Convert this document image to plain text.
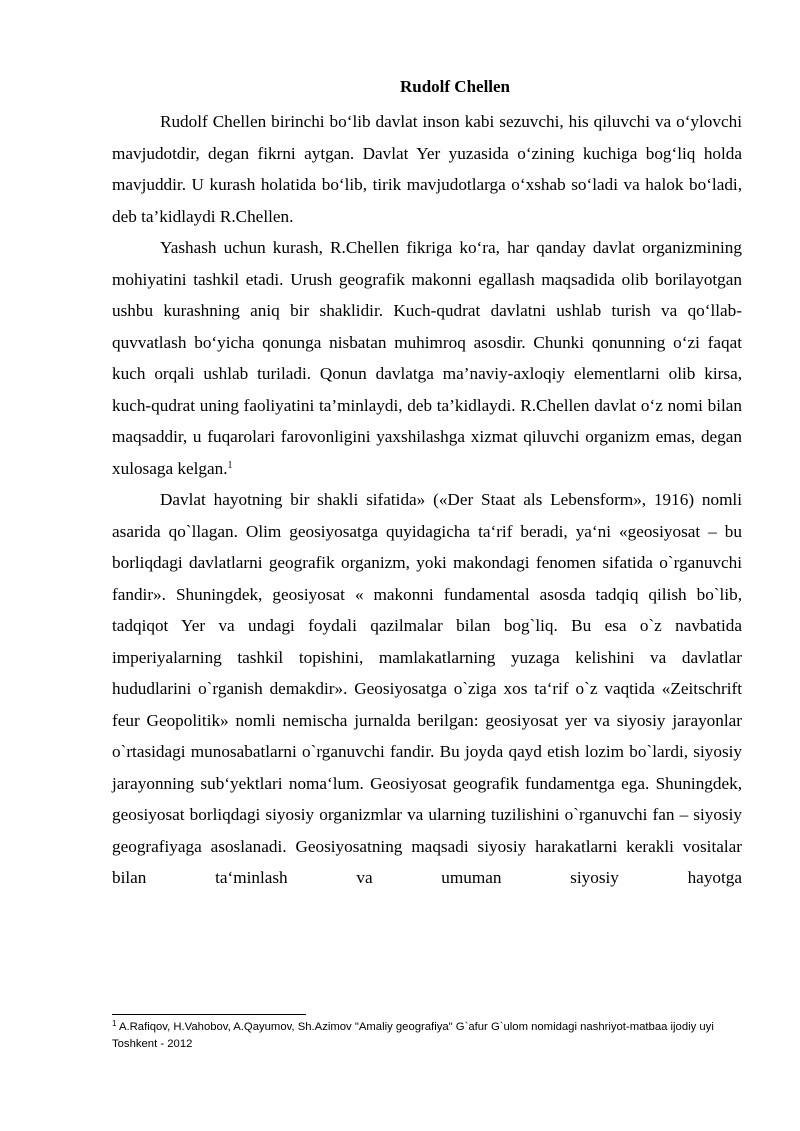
Rudolf Chellen

Rudolf Chellen birinchi bo‘lib davlat inson kabi sezuvchi, his qiluvchi va o‘ylovchi mavjudotdir, degan fikrni aytgan. Davlat Yer yuzasida o‘zining kuchiga bog‘liq holda mavjuddir. U kurash holatida bo‘lib, tirik mavjudotlarga o‘xshab so‘ladi va halok bo‘ladi, deb ta’kidlaydi R.Chellen.

Yashash uchun kurash, R.Chellen fikriga ko‘ra, har qanday davlat organizmining mohiyatini tashkil etadi. Urush geografik makonni egallash maqsadida olib borilayotgan ushbu kurashning aniq bir shaklidir. Kuch-qudrat davlatni ushlab turish va qo‘llab-quvvatlash bo‘yicha qonunga nisbatan muhimroq asosdir. Chunki qonunning o‘zi faqat kuch orqali ushlab turiladi. Qonun davlatga ma’naviy-axloqiy elementlarni olib kirsa, kuch-qudrat uning faoliyatini ta’minlaydi, deb ta’kidlaydi. R.Chellen davlat o‘z nomi bilan maqsaddir, u fuqarolari farovonligini yaxshilashga xizmat qiluvchi organizm emas, degan xulosaga kelgan.$^1$

Davlat hayotning bir shakli sifatida» («Der Staat als Lebensform», 1916) nomli asarida qo`llagan. Olim geosiyosatga quyidagicha ta‘rif beradi, ya‘ni «geosiyosat – bu borliqdagi davlatlarni geografik organizm, yoki makondagi fenomen sifatida o`rganuvchi fandir». Shuningdek, geosiyosat « makonni fundamental asosda tadqiq qilish bo`lib, tadqiqot Yer va undagi foydali qazilmalar bilan bog`liq. Bu esa o`z navbatida imperiyalarning tashkil topishini, mamlakatlarning yuzaga kelishini va davlatlar hududlarini o`rganish demakdir». Geosiyosatga o`ziga xos ta‘rif o`z vaqtida «Zeitschrift feur Geopolitik» nomli nemischa jurnalda berilgan: geosiyosat yer va siyosiy jarayonlar o`rtasidagi munosabatlarni o`rganuvchi fandir. Bu joyda qayd etish lozim bo`lardi, siyosiy jarayonning sub‘yektlari noma‘lum. Geosiyosat geografik fundamentga ega. Shuningdek, geosiyosat borliqdagi siyosiy organizmlar va ularning tuzilishini o`rganuvchi fan – siyosiy geografiyaga asoslanadi. Geosiyosatning maqsadi siyosiy harakatlarni kerakli vositalar bilan ta‘minlash va umuman siyosiy hayotga

$^1$ A.Rafiqov, H.Vahobov, A.Qayumov, Sh.Azimov "Amaliy geografiya" G`afur G`ulom nomidagi nashriyot-matbaa ijodiy uyi Toshkent - 2012
